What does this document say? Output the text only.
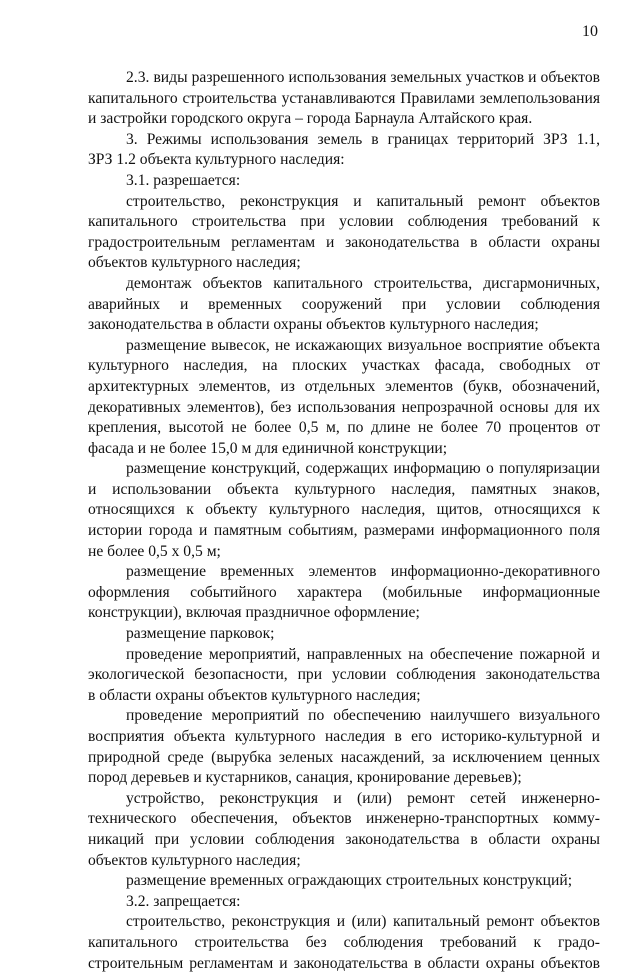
10
2.3. виды разрешенного использования земельных участков и объектов
капитального строительства устанавливаются Правилами землепользования
и застройки городского округа – города Барнаула Алтайского края.
3. Режимы использования земель в границах территорий ЗРЗ 1.1,
ЗРЗ 1.2 объекта культурного наследия:
3.1. разрешается:
строительство, реконструкция и капитальный ремонт объектов
капитального строительства при условии соблюдения требований к
градостроительным регламентам и законодательства в области охраны
объектов культурного наследия;
демонтаж объектов капитального строительства, дисгармоничных,
аварийных и временных сооружений при условии соблюдения
законодательства в области охраны объектов культурного наследия;
размещение вывесок, не искажающих визуальное восприятие объекта
культурного наследия, на плоских участках фасада, свободных от
архитектурных элементов, из отдельных элементов (букв, обозначений,
декоративных элементов), без использования непрозрачной основы для их
крепления, высотой не более 0,5 м, по длине не более 70 процентов от
фасада и не более 15,0 м для единичной конструкции;
размещение конструкций, содержащих информацию о популяризации
и использовании объекта культурного наследия, памятных знаков,
относящихся к объекту культурного наследия, щитов, относящихся к
истории города и памятным событиям, размерами информационного поля
не более 0,5 х 0,5 м;
размещение временных элементов информационно-декоративного
оформления событийного характера (мобильные информационные
конструкции), включая праздничное оформление;
размещение парковок;
проведение мероприятий, направленных на обеспечение пожарной и
экологической безопасности, при условии соблюдения законодательства
в области охраны объектов культурного наследия;
проведение мероприятий по обеспечению наилучшего визуального
восприятия объекта культурного наследия в его историко-культурной и
природной среде (вырубка зеленых насаждений, за исключением ценных
пород деревьев и кустарников, санация, кронирование деревьев);
устройство, реконструкция и (или) ремонт сетей инженерно-
технического обеспечения, объектов инженерно-транспортных комму-
никаций при условии соблюдения законодательства в области охраны
объектов культурного наследия;
размещение временных ограждающих строительных конструкций;
3.2. запрещается:
строительство, реконструкция и (или) капитальный ремонт объектов
капитального строительства без соблюдения требований к градо-
строительным регламентам и законодательства в области охраны объектов
